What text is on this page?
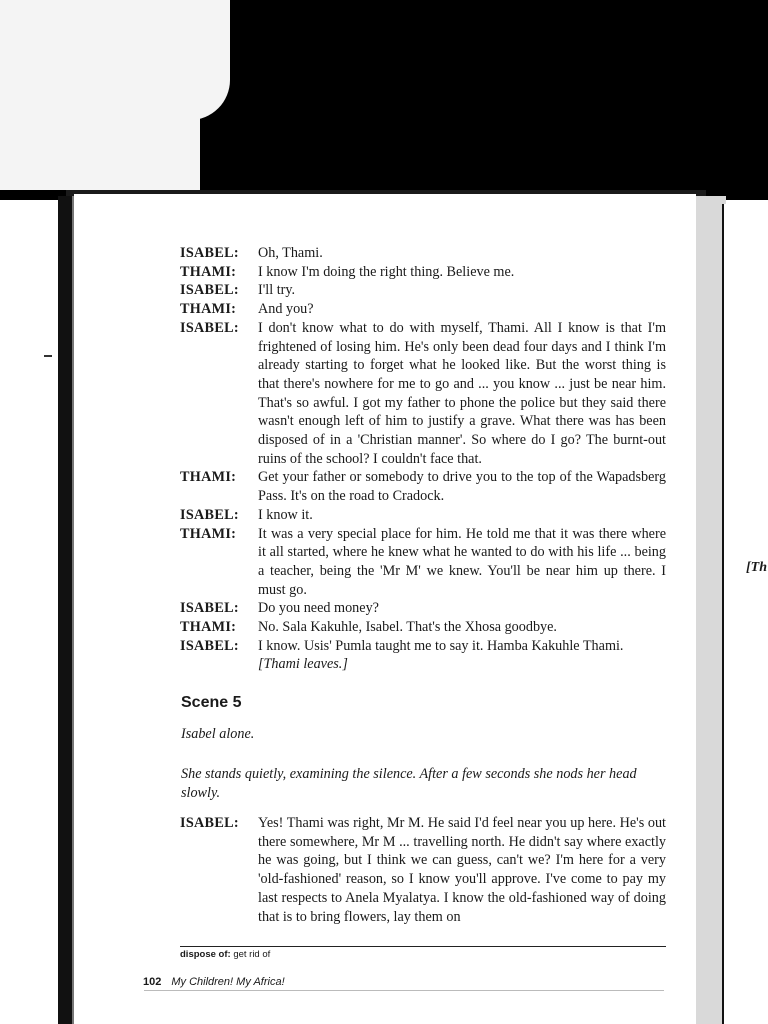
[Th
ISABEL:	Oh, Thami.
THAMI:	I know I'm doing the right thing. Believe me.
ISABEL:	I'll try.
THAMI:	And you?
ISABEL:	I don't know what to do with myself, Thami. All I know is that I'm frightened of losing him. He's only been dead four days and I think I'm already starting to forget what he looked like. But the worst thing is that there's nowhere for me to go and ... you know ... just be near him. That's so awful. I got my father to phone the police but they said there wasn't enough left of him to justify a grave. What there was has been disposed of in a 'Christian manner'. So where do I go? The burnt-out ruins of the school? I couldn't face that.
THAMI:	Get your father or somebody to drive you to the top of the Wapadsberg Pass. It's on the road to Cradock.
ISABEL:	I know it.
THAMI:	It was a very special place for him. He told me that it was there where it all started, where he knew what he wanted to do with his life ... being a teacher, being the 'Mr M' we knew. You'll be near him up there. I must go.
ISABEL:	Do you need money?
THAMI:	No. Sala Kakuhle, Isabel. That's the Xhosa goodbye.
ISABEL:	I know. Usis' Pumla taught me to say it. Hamba Kakuhle Thami.
[Thami leaves.]
Scene 5
Isabel alone.
She stands quietly, examining the silence. After a few seconds she nods her head slowly.
ISABEL:	Yes! Thami was right, Mr M. He said I'd feel near you up here. He's out there somewhere, Mr M ... travelling north. He didn't say where exactly he was going, but I think we can guess, can't we? I'm here for a very 'old-fashioned' reason, so I know you'll approve. I've come to pay my last respects to Anela Myalatya. I know the old-fashioned way of doing that is to bring flowers, lay them on
dispose of: get rid of
102 My Children! My Africa!
